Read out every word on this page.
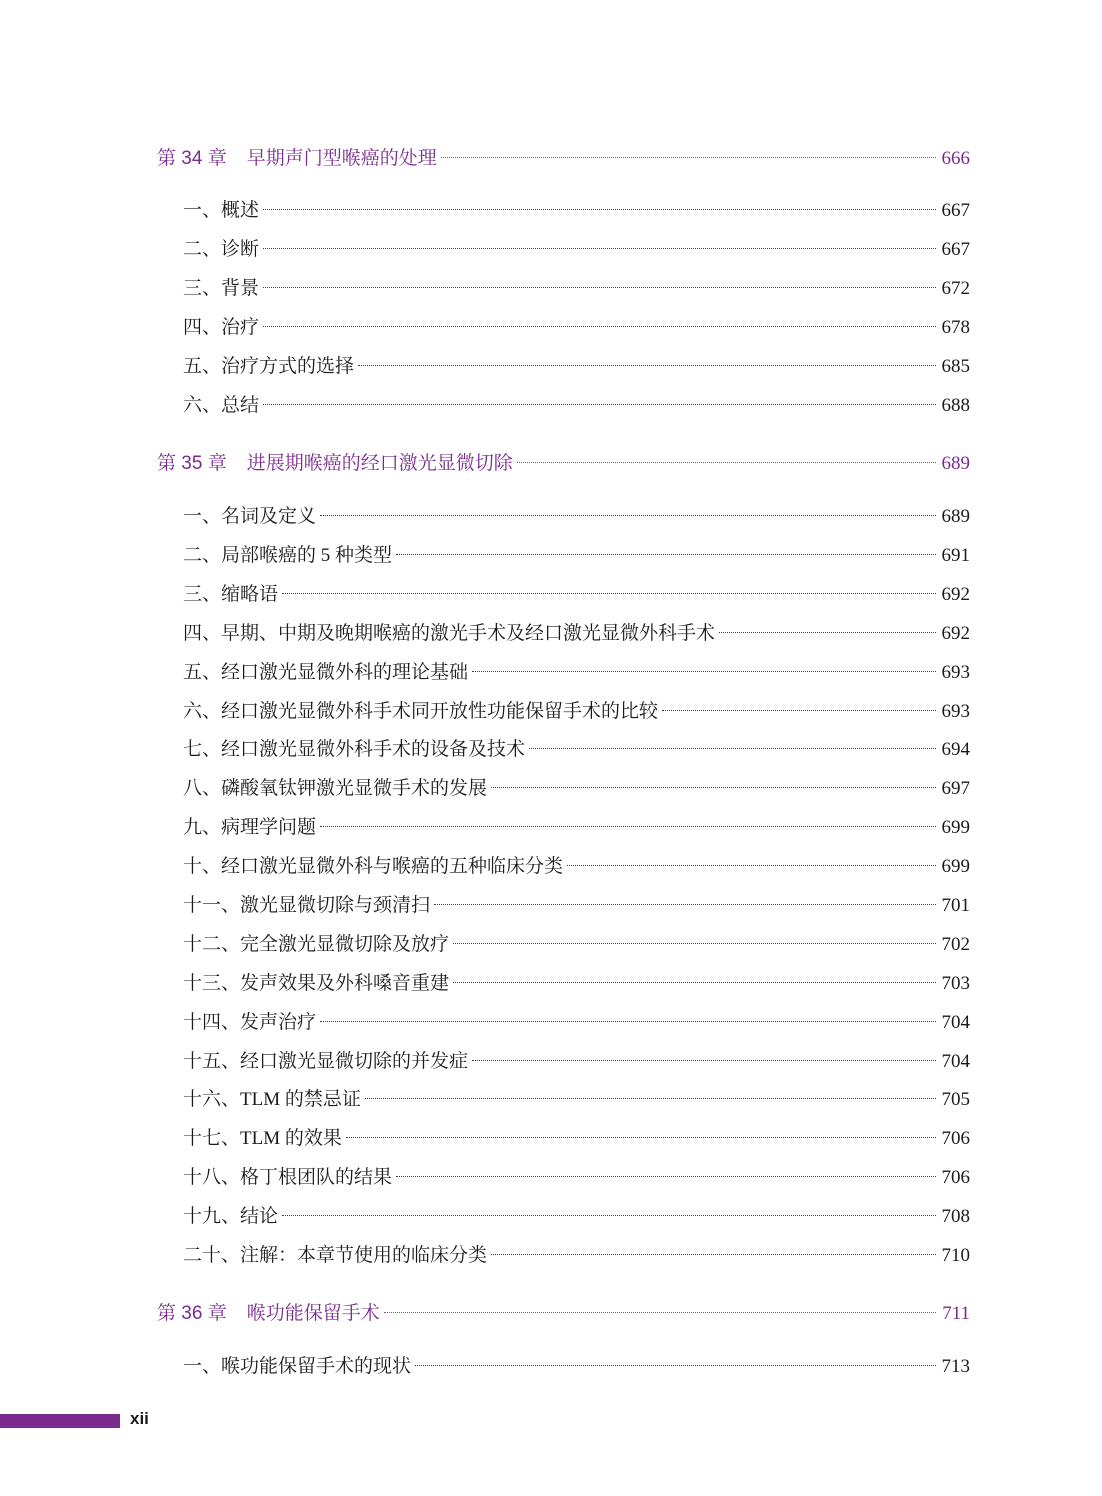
第 34 章 早期声门型喉癌的处理	666
一、概述	667
二、诊断	667
三、背景	672
四、治疗	678
五、治疗方式的选择	685
六、总结	688
第 35 章 进展期喉癌的经口激光显微切除	689
一、名词及定义	689
二、局部喉癌的 5 种类型	691
三、缩略语	692
四、早期、中期及晚期喉癌的激光手术及经口激光显微外科手术	692
五、经口激光显微外科的理论基础	693
六、经口激光显微外科手术同开放性功能保留手术的比较	693
七、经口激光显微外科手术的设备及技术	694
八、磷酸氧钛钾激光显微手术的发展	697
九、病理学问题	699
十、经口激光显微外科与喉癌的五种临床分类	699
十一、激光显微切除与颈清扫	701
十二、完全激光显微切除及放疗	702
十三、发声效果及外科嗓音重建	703
十四、发声治疗	704
十五、经口激光显微切除的并发症	704
十六、TLM 的禁忌证	705
十七、TLM 的效果	706
十八、格丁根团队的结果	706
十九、结论	708
二十、注解：本章节使用的临床分类	710
第 36 章 喉功能保留手术	711
一、喉功能保留手术的现状	713
xii
